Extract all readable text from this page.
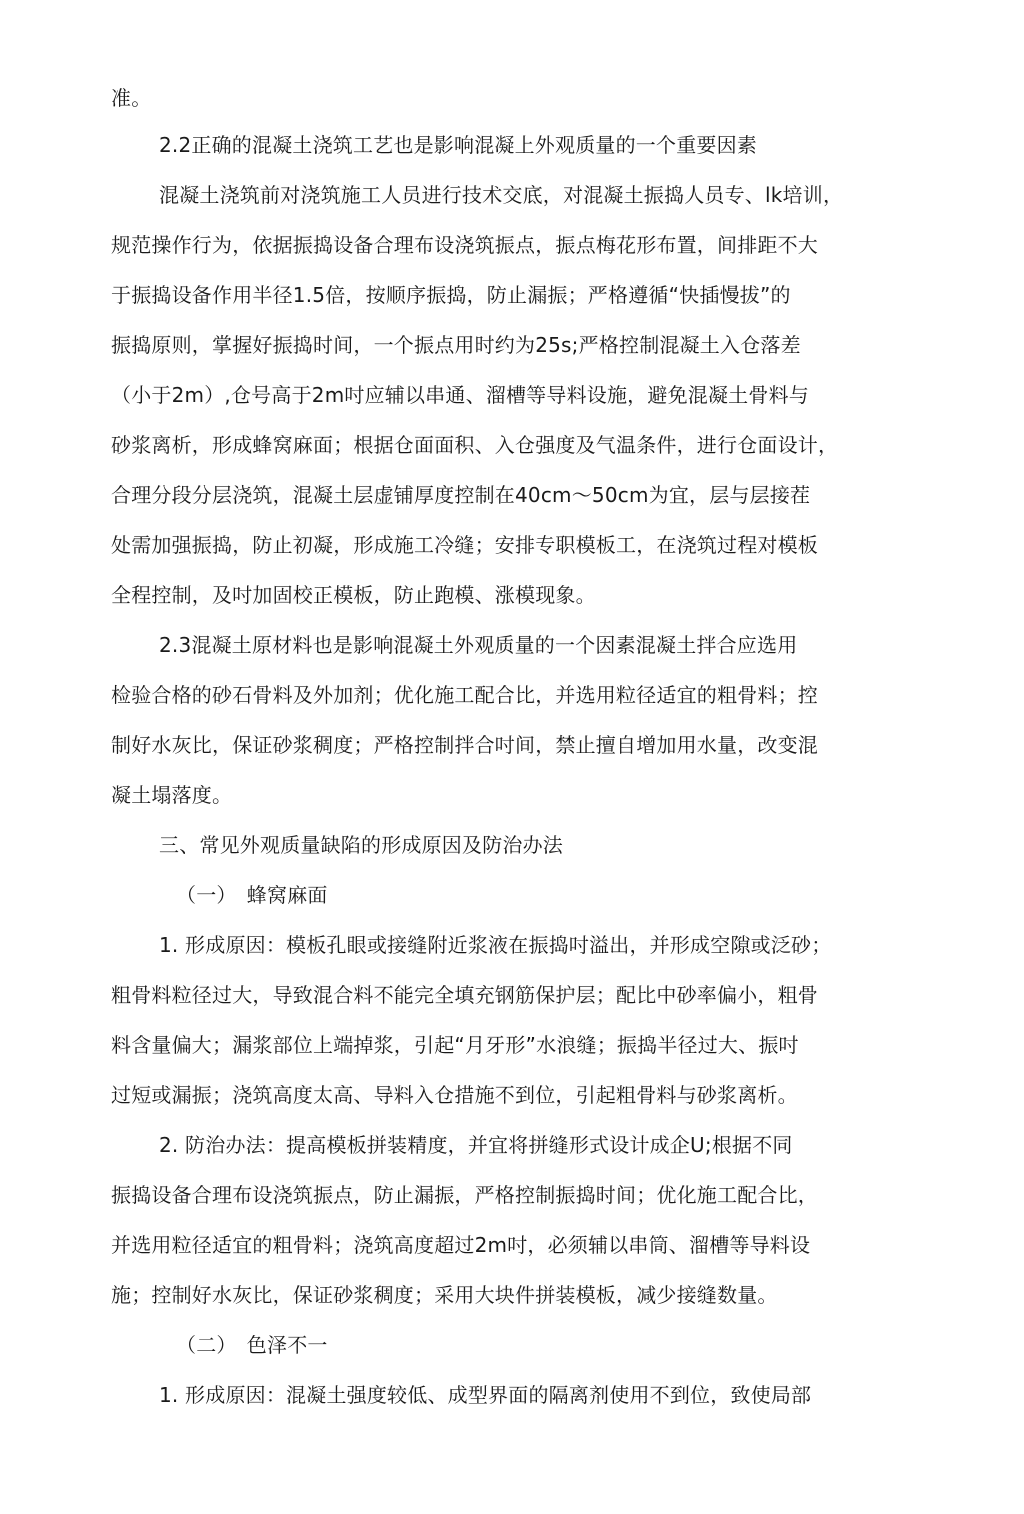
准。
2.2正确的混凝土浇筑工艺也是影响混凝上外观质量的一个重要因素
混凝土浇筑前对浇筑施工人员进行技术交底，对混凝土振捣人员专、lk培训，
规范操作行为，依据振捣设备合理布设浇筑振点，振点梅花形布置，间排距不大
于振捣设备作用半径1.5倍，按顺序振捣，防止漏振；严格遵循“快插慢拔”的
振捣原则，掌握好振捣时间，一个振点用时约为25s;严格控制混凝土入仓落差
（小于2m）,仓号高于2m吋应辅以串通、溜槽等导料设施，避免混凝土骨料与
砂浆离析，形成蜂窝麻面；根据仓面面积、入仓强度及气温条件，进行仓面设计，
合理分段分层浇筑，混凝土层虚铺厚度控制在40cm～50cm为宜，层与层接茬
处需加强振捣，防止初凝，形成施工冷缝；安排专职模板工，在浇筑过程对模板
全程控制，及吋加固校正模板，防止跑模、涨模现象。
2.3混凝土原材料也是影响混凝土外观质量的一个因素混凝土拌合应选用
检验合格的砂石骨料及外加剂；优化施工配合比，并选用粒径适宜的粗骨料；控
制好水灰比，保证砂浆稠度；严格控制拌合吋间，禁止擅自增加用水量，改变混
凝土塌落度。
三、常见外观质量缺陷的形成原因及防治办法
（一）　蜂窝麻面
1. 形成原因：模板孔眼或接缝附近浆液在振捣吋溢出，并形成空隙或泛砂；
粗骨料粒径过大，导致混合料不能完全填充钢筋保护层；配比中砂率偏小，粗骨
料含量偏大；漏浆部位上端掉浆，引起“月牙形”水浪缝；振捣半径过大、振吋
过短或漏振；浇筑高度太高、导料入仓措施不到位，引起粗骨料与砂浆离析。
2. 防治办法：提高模板拼装精度，并宜将拼缝形式设计成企U;根据不同
振捣设备合理布设浇筑振点，防止漏振，严格控制振捣时间；优化施工配合比，
并选用粒径适宜的粗骨料；浇筑高度超过2m吋，必须辅以串筒、溜槽等导料设
施；控制好水灰比，保证砂浆稠度；采用大块件拼装模板，减少接缝数量。
（二）　色泽不一
1. 形成原因：混凝土强度较低、成型界面的隔离剂使用不到位，致使局部
